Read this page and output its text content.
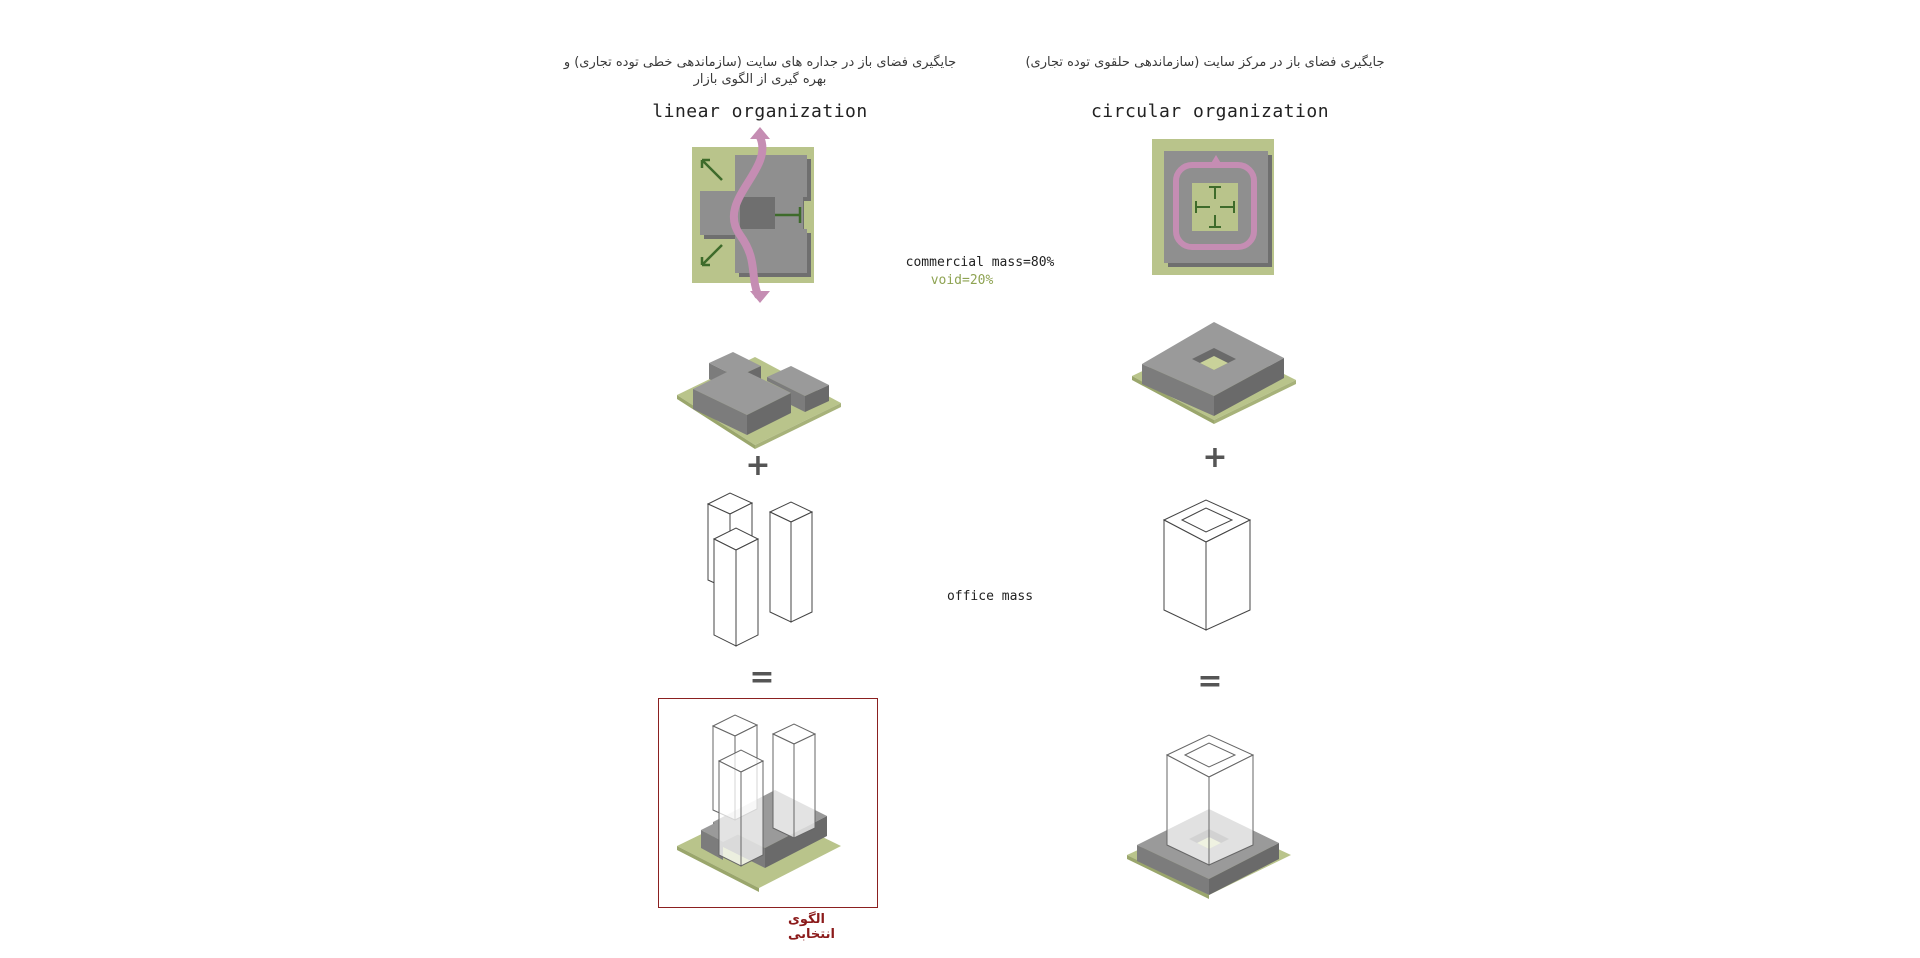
جایگیری فضای باز در جداره های سایت (سازماندهی خطی توده تجاری) و
بهره گیری از الگوی بازار
جایگیری فضای باز در مرکز سایت (سازماندهی حلقوی توده تجاری)
linear organization	circular organization
commercial mass=80%
void=20%
+	+
office mass
=	=
الگوی انتخابی
